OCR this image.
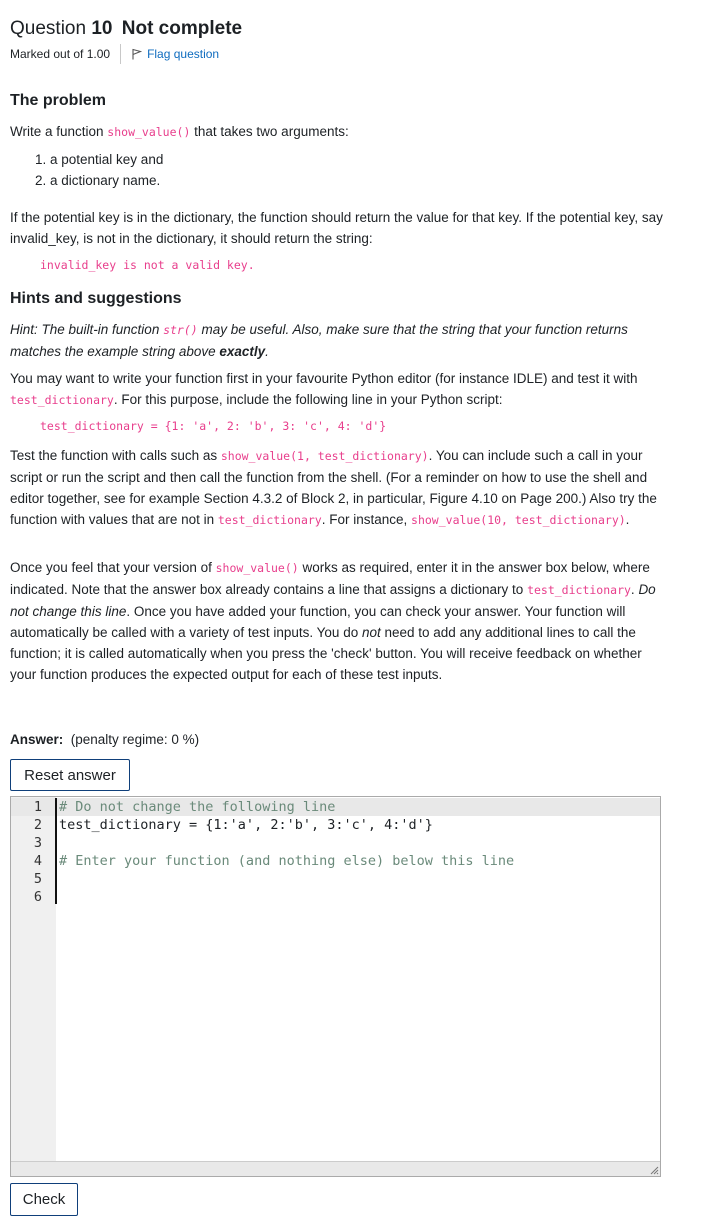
Question 10 Not complete
Marked out of 1.00	Flag question
The problem

Write a function show_value() that takes two arguments:

1. a potential key and
2. a dictionary name.

If the potential key is in the dictionary, the function should return the value for that key. If the potential key, say invalid_key, is not in the dictionary, it should return the string:

invalid_key is not a valid key.

Hints and suggestions

Hint: The built-in function str() may be useful. Also, make sure that the string that your function returns matches the example string above exactly.

You may want to write your function first in your favourite Python editor (for instance IDLE) and test it with test_dictionary. For this purpose, include the following line in your Python script:

test_dictionary = {1: 'a', 2: 'b', 3: 'c', 4: 'd'}

Test the function with calls such as show_value(1, test_dictionary). You can include such a call in your script or run the script and then call the function from the shell. (For a reminder on how to use the shell and editor together, see for example Section 4.3.2 of Block 2, in particular, Figure 4.10 on Page 200.) Also try the function with values that are not in test_dictionary. For instance, show_value(10, test_dictionary).

Once you feel that your version of show_value() works as required, enter it in the answer box below, where indicated. Note that the answer box already contains a line that assigns a dictionary to test_dictionary. Do not change this line. Once you have added your function, you can check your answer. Your function will automatically be called with a variety of test inputs. You do not need to add any additional lines to call the function; it is called automatically when you press the 'check' button. You will receive feedback on whether your function produces the expected output for each of these test inputs.

Answer: (penalty regime: 0 %)
Reset answer
1 # Do not change the following line
2 test_dictionary = {1:'a', 2:'b', 3:'c', 4:'d'}
3
4 # Enter your function (and nothing else) below this line
5
6
Check
